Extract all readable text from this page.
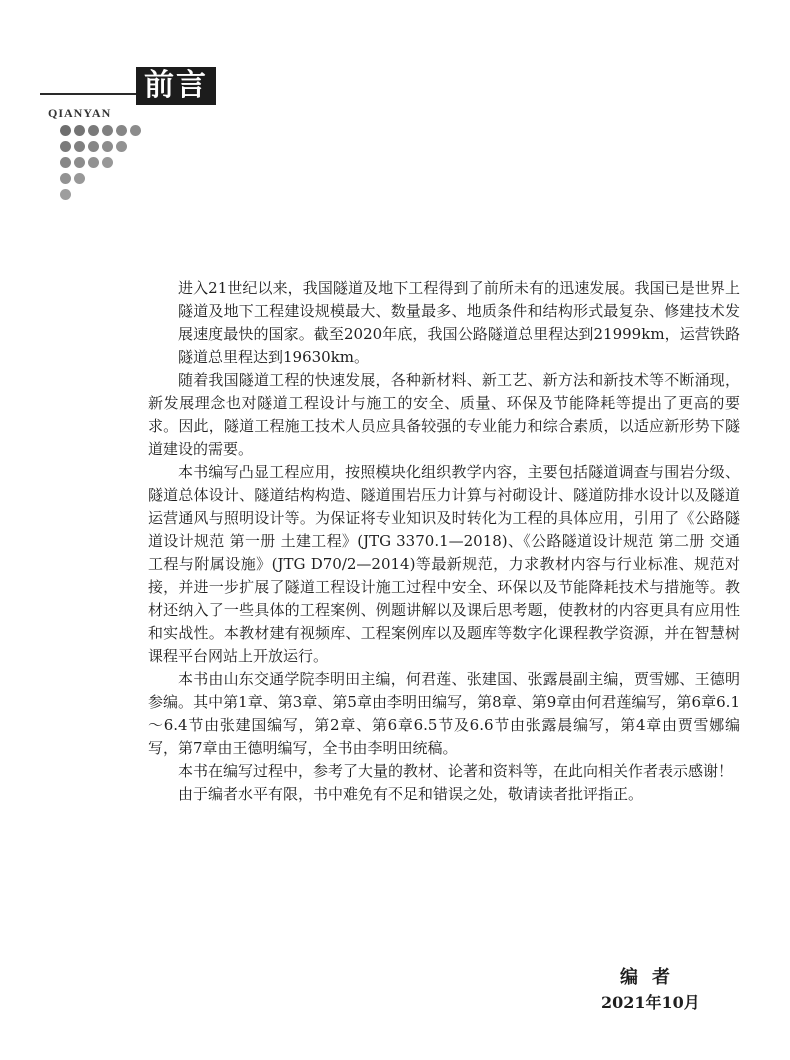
前言
QIANYAN

进入21世纪以来，我国隧道及地下工程得到了前所未有的迅速发展。我国已是世界上隧道及地下工程建设规模最大、数量最多、地质条件和结构形式最复杂、修建技术发展速度最快的国家。截至2020年底，我国公路隧道总里程达到21999km，运营铁路隧道总里程达到19630km。

随着我国隧道工程的快速发展，各种新材料、新工艺、新方法和新技术等不断涌现，新发展理念也对隧道工程设计与施工的安全、质量、环保及节能降耗等提出了更高的要求。因此，隧道工程施工技术人员应具备较强的专业能力和综合素质，以适应新形势下隧道建设的需要。

本书编写凸显工程应用，按照模块化组织教学内容，主要包括隧道调查与围岩分级、隧道总体设计、隧道结构构造、隧道围岩压力计算与衬砌设计、隧道防排水设计以及隧道运营通风与照明设计等。为保证将专业知识及时转化为工程的具体应用，引用了《公路隧道设计规范 第一册 土建工程》(JTG 3370.1—2018)、《公路隧道设计规范 第二册 交通工程与附属设施》(JTG D70/2—2014)等最新规范，力求教材内容与行业标准、规范对接，并进一步扩展了隧道工程设计施工过程中安全、环保以及节能降耗技术与措施等。教材还纳入了一些具体的工程案例、例题讲解以及课后思考题，使教材的内容更具有应用性和实战性。本教材建有视频库、工程案例库以及题库等数字化课程教学资源，并在智慧树课程平台网站上开放运行。

本书由山东交通学院李明田主编，何君莲、张建国、张露晨副主编，贾雪娜、王德明参编。其中第1章、第3章、第5章由李明田编写，第8章、第9章由何君莲编写，第6章6.1～6.4节由张建国编写，第2章、第6章6.5节及6.6节由张露晨编写，第4章由贾雪娜编写，第7章由王德明编写，全书由李明田统稿。

本书在编写过程中，参考了大量的教材、论著和资料等，在此向相关作者表示感谢！

由于编者水平有限，书中难免有不足和错误之处，敬请读者批评指正。

编者
2021年10月
